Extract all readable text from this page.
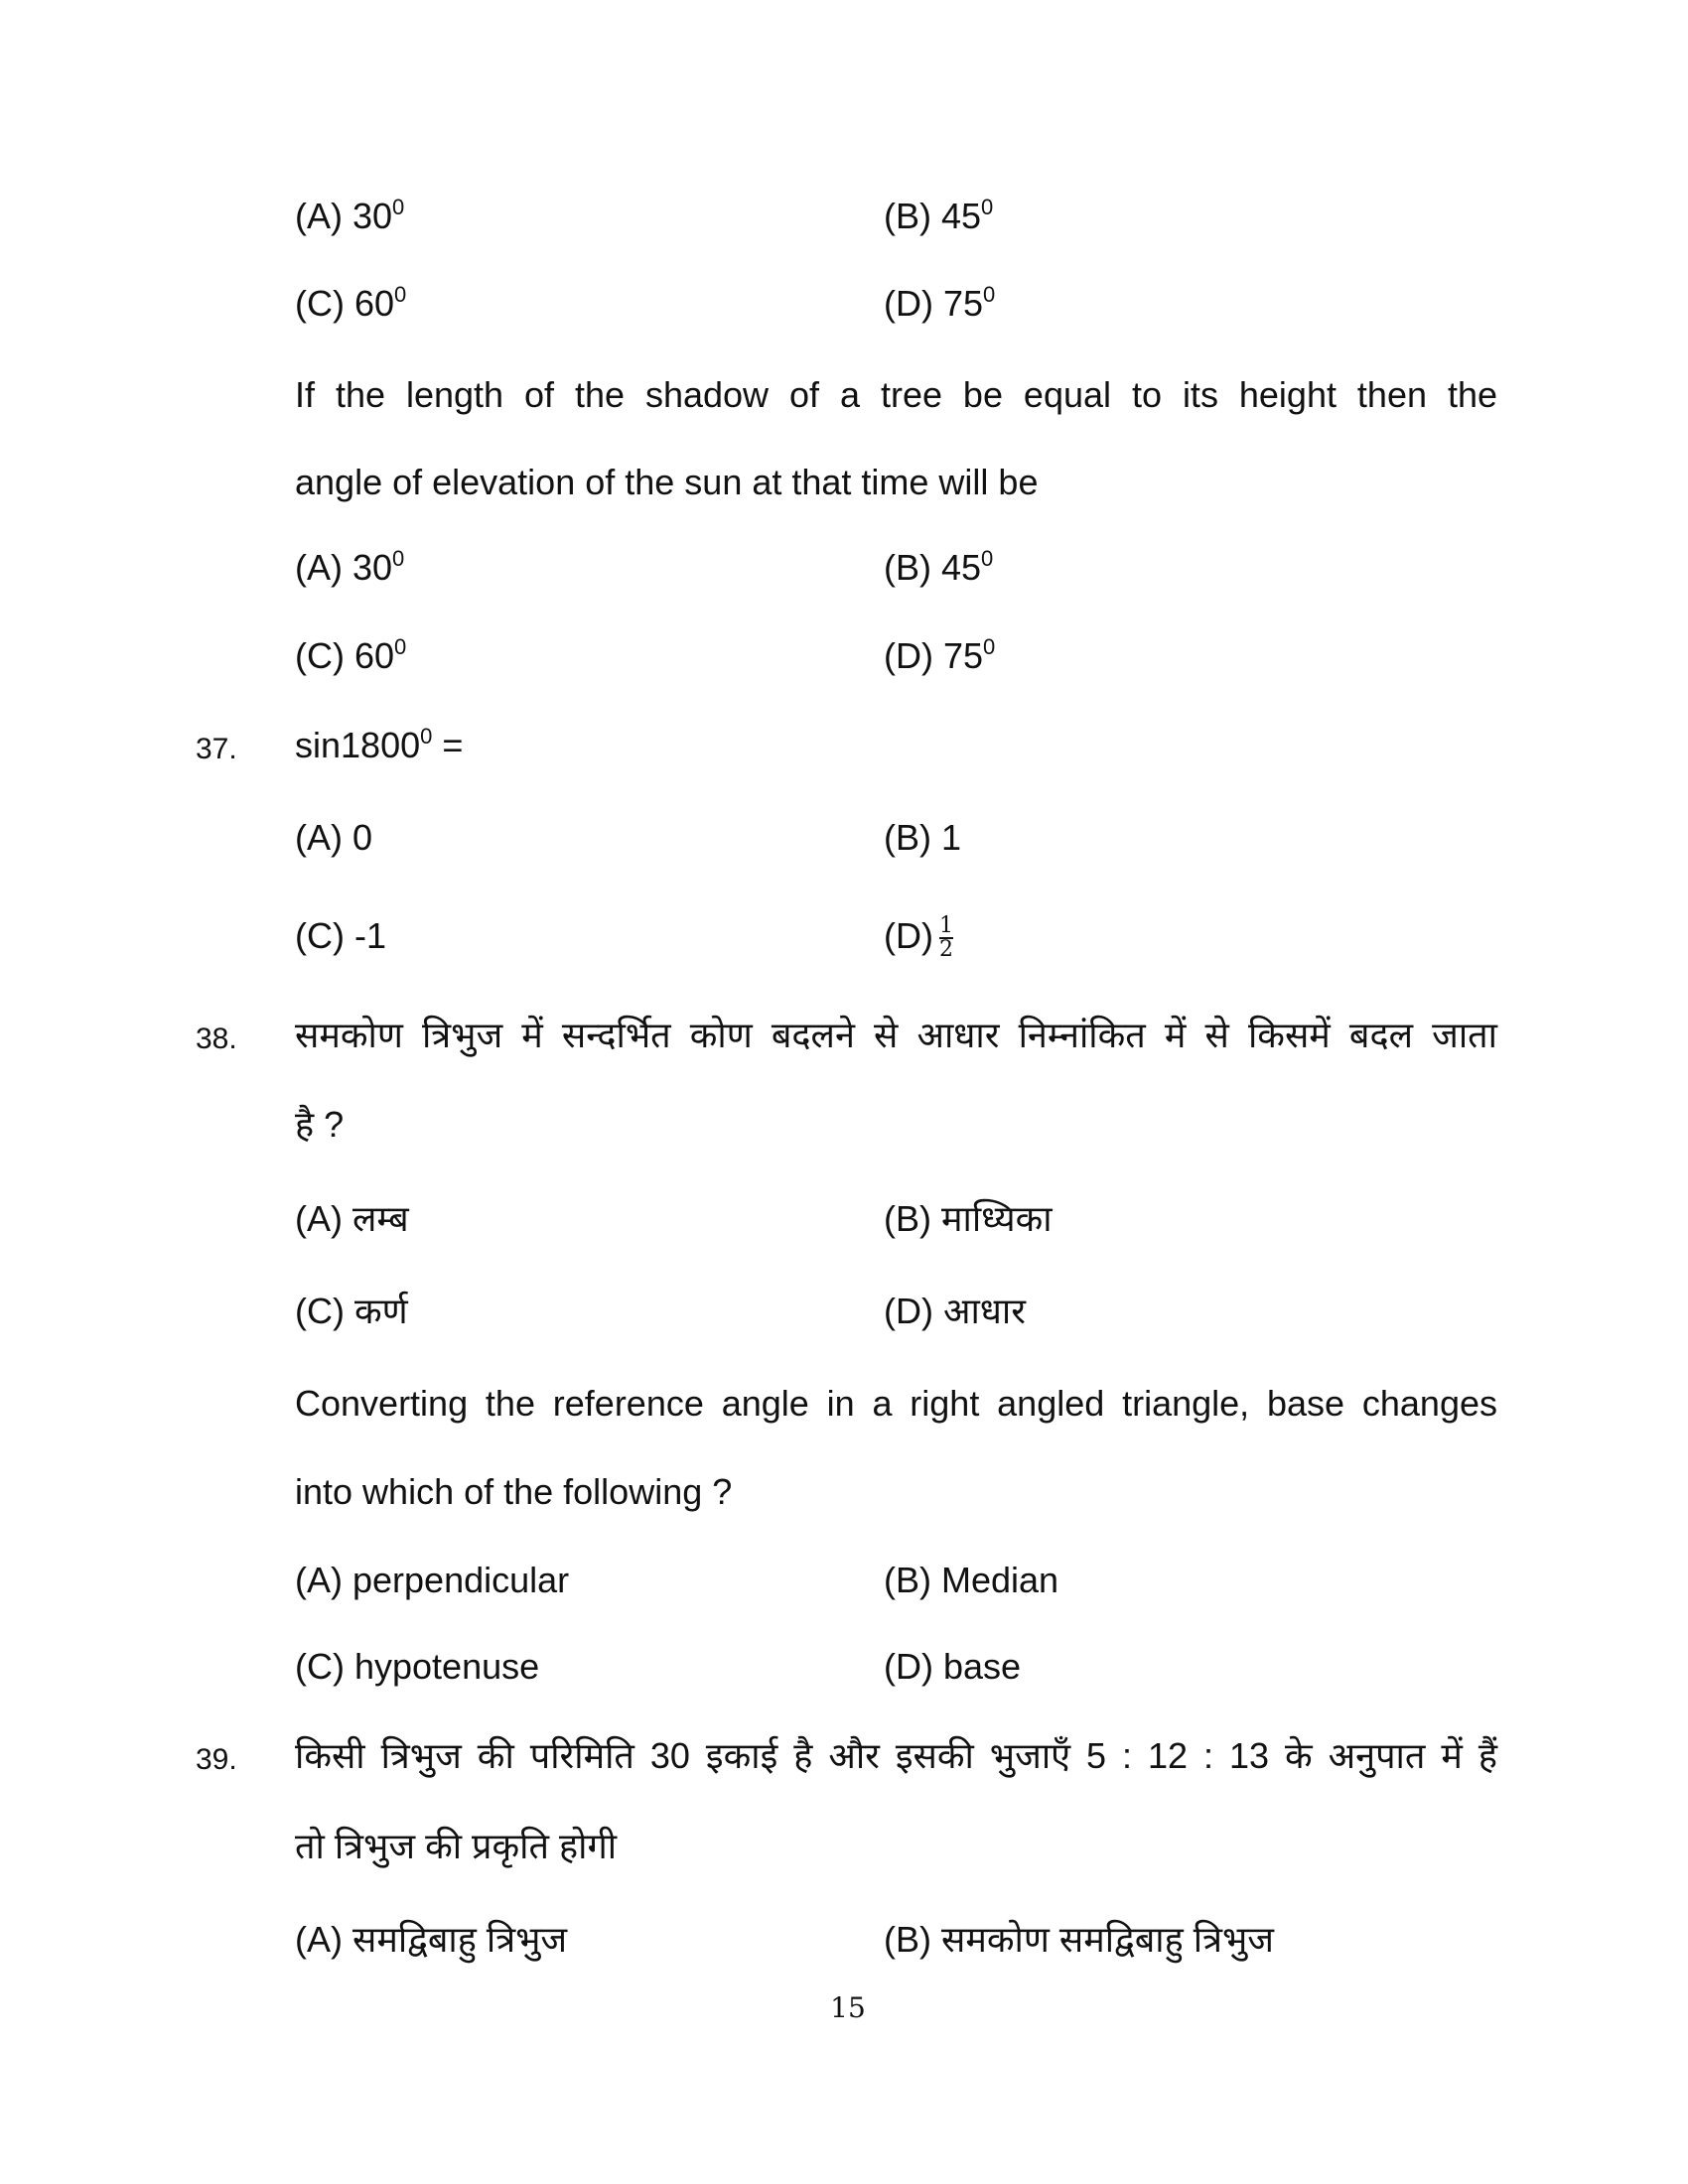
(A) $30^0$	(B) $45^0$
(C) $60^0$	(D) $75^0$
If the length of the shadow of a tree be equal to its height then the
angle of elevation of the sun at that time will be
(A) $30^0$	(B) $45^0$
(C) $60^0$	(D) $75^0$
37. $\sin 1800^0$ =
(A) 0	(B) 1
(C) -1	$(D) \frac{1}{2}$
38. समकोण त्रिभुज में सन्दर्भित कोण बदलने से आधार निम्नांकित में से किसमें बदल जाता
है ?
(A) लम्ब	(B) माध्यिका
(C) कर्ण	(D) आधार
Converting the reference angle in a right angled triangle, base changes
into which of the following ?
(A) perpendicular	(B) Median
(C) hypotenuse	(D) base
39. किसी त्रिभुज की परिमिति 30 इकाई है और इसकी भुजाएँ 5 : 12 : 13 के अनुपात में हैं
तो त्रिभुज की प्रकृति होगी
(A) समद्विबाहु त्रिभुज	(B) समकोण समद्विबाहु त्रिभुज
15
